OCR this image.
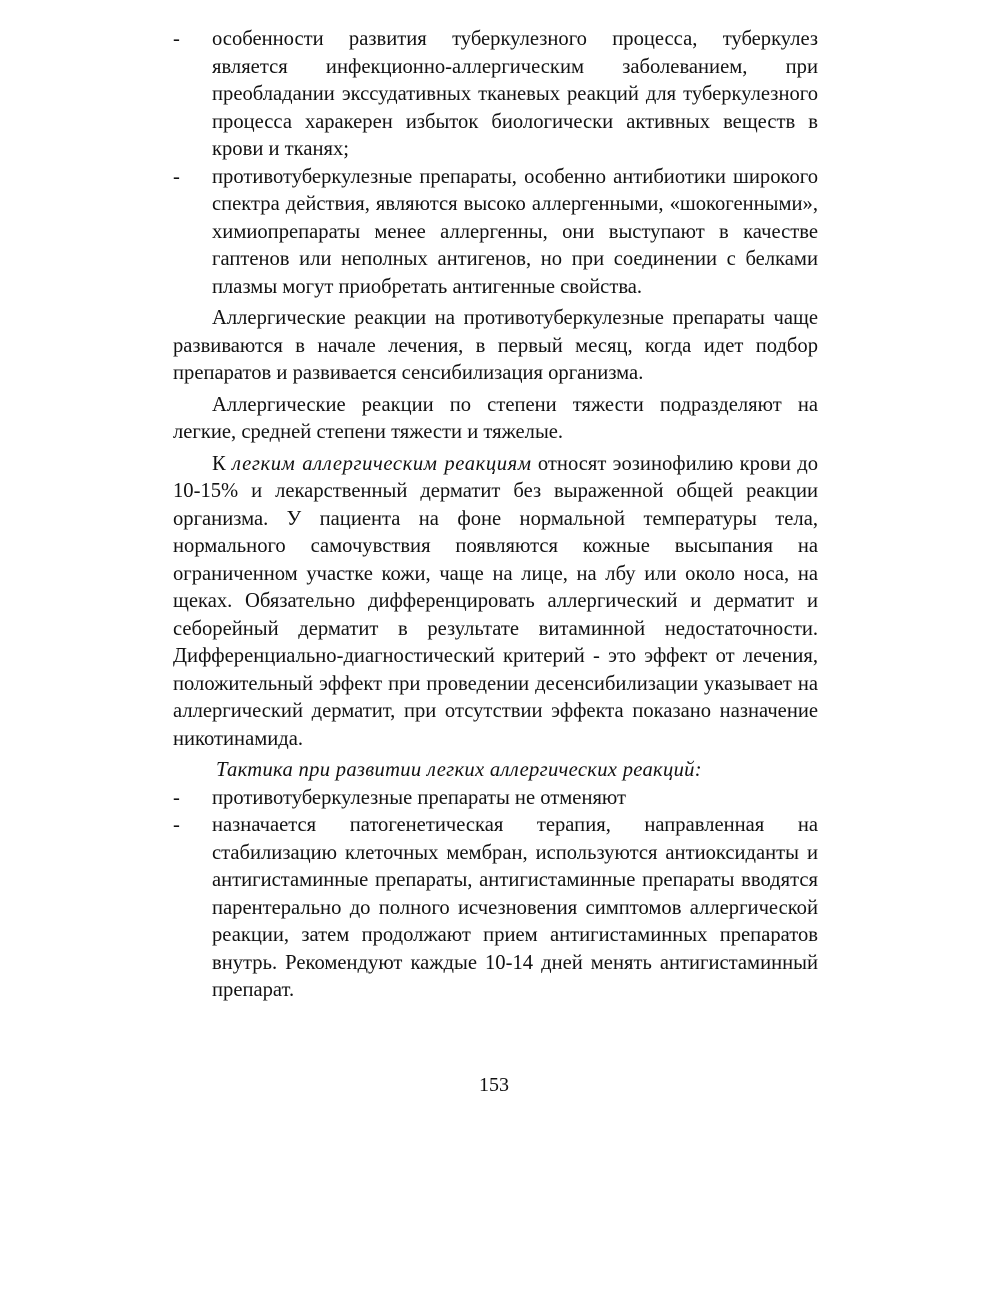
- особенности развития туберкулезного процесса, туберкулез является инфекционно-аллергическим заболеванием, при преобладании экссудативных тканевых реакций для туберкулезного процесса харакерен избыток биологически активных веществ в крови и тканях;
- противотуберкулезные препараты, особенно антибиотики широкого спектра действия, являются высоко аллергенными, «шокогенными», химиопрепараты менее аллергенны, они выступают в качестве гаптенов или неполных антигенов, но при соединении с белками плазмы могут приобретать антигенные свойства.

Аллергические реакции на противотуберкулезные препараты чаще развиваются в начале лечения, в первый месяц, когда идет подбор препаратов и развивается сенсибилизация организма.

Аллергические реакции по степени тяжести подразделяют на легкие, средней степени тяжести и тяжелые.

К легким аллергическим реакциям относят эозинофилию крови до 10-15% и лекарственный дерматит без выраженной общей реакции организма. У пациента на фоне нормальной температуры тела, нормального самочувствия появляются кожные высыпания на ограниченном участке кожи, чаще на лице, на лбу или около носа, на щеках. Обязательно дифференцировать аллергический и дерматит и себорейный дерматит в результате витаминной недостаточности. Дифференциально-диагностический критерий - это эффект от лечения, положительный эффект при проведении десенсибилизации указывает на аллергический дерматит, при отсутствии эффекта показано назначение никотинамида.

Тактика при развитии легких аллергических реакций:
- противотуберкулезные препараты не отменяют
- назначается патогенетическая терапия, направленная на стабилизацию клеточных мембран, используются антиоксиданты и антигистаминные препараты, антигистаминные препараты вводятся парентерально до полного исчезновения симптомов аллергической реакции, затем продолжают прием антигистаминных препаратов внутрь. Рекомендуют каждые 10-14 дней менять антигистаминный препарат.
153
